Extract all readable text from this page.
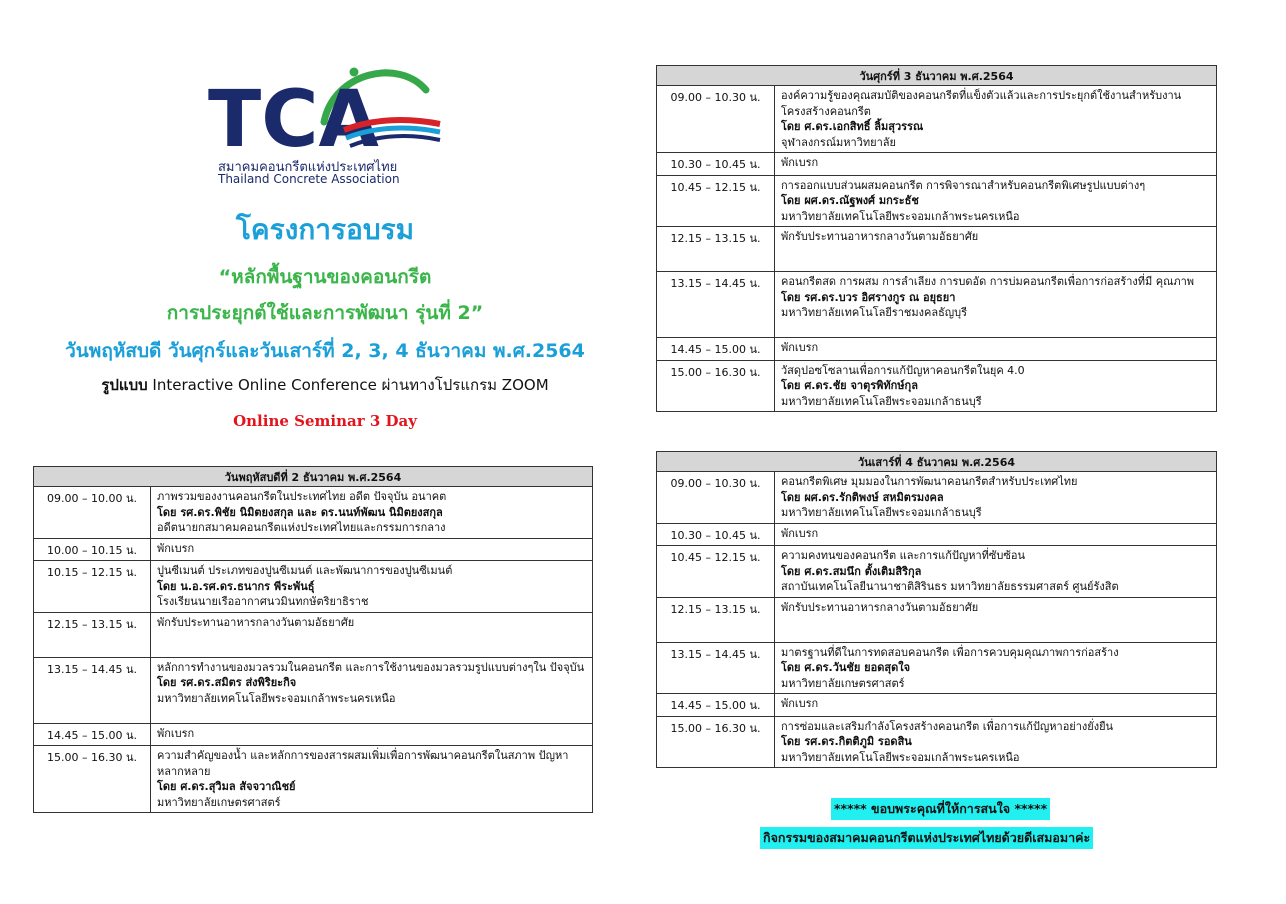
TCA
สมาคมคอนกรีตแห่งประเทศไทย
Thailand Concrete Association
โครงการอบรม
“หลักพื้นฐานของคอนกรีต
การประยุกต์ใช้และการพัฒนา รุ่นที่ 2”
วันพฤหัสบดี วันศุกร์และวันเสาร์ที่ 2, 3, 4 ธันวาคม พ.ศ.2564
รูปแบบ Interactive Online Conference ผ่านทางโปรแกรม ZOOM
Online Seminar 3 Day
วันพฤหัสบดีที่ 2 ธันวาคม พ.ศ.2564	
09.00 – 10.00 น.	ภาพรวมของงานคอนกรีตในประเทศไทย อดีต ปัจจุบัน อนาคต
โดย รศ.ดร.พิชัย นิมิตยงสกุล และ ดร.นนท์พัฒน นิมิตยงสกุล
อดีตนายกสมาคมคอนกรีตแห่งประเทศไทยและกรรมการกลาง

10.00 – 10.15 น.	พักเบรก

10.15 – 12.15 น.	ปูนซีเมนต์ ประเภทของปูนซีเมนต์ และพัฒนาการของปูนซีเมนต์
โดย น.อ.รศ.ดร.ธนากร พีระพันธุ์
โรงเรียนนายเรืออากาศนวมินทกษัตริยาธิราช

12.15 – 13.15 น.	พักรับประทานอาหารกลางวันตามอัธยาศัย

13.15 – 14.45 น.	หลักการทำงานของมวลรวมในคอนกรีต และการใช้งานของมวลรวมรูปแบบต่างๆใน ปัจจุบัน
โดย รศ.ดร.สมิตร ส่งพิริยะกิจ
มหาวิทยาลัยเทคโนโลยีพระจอมเกล้าพระนครเหนือ

14.45 – 15.00 น.	พักเบรก

15.00 – 16.30 น.	ความสำคัญของน้ำ และหลักการของสารผสมเพิ่มเพื่อการพัฒนาคอนกรีตในสภาพ ปัญหาหลากหลาย
โดย ศ.ดร.สุวิมล สัจจวาณิชย์
มหาวิทยาลัยเกษตรศาสตร์
วันศุกร์ที่ 3 ธันวาคม พ.ศ.2564	
09.00 – 10.30 น.	องค์ความรู้ของคุณสมบัติของคอนกรีตที่แข็งตัวแล้วและการประยุกต์ใช้งานสำหรับงาน โครงสร้างคอนกรีต
โดย ศ.ดร.เอกสิทธิ์ ลิ้มสุวรรณ
จุฬาลงกรณ์มหาวิทยาลัย

10.30 – 10.45 น.	พักเบรก

10.45 – 12.15 น.	การออกแบบส่วนผสมคอนกรีต การพิจารณาสำหรับคอนกรีตพิเศษรูปแบบต่างๆ
โดย ผศ.ดร.ณัฐพงศ์ มกระธัช
มหาวิทยาลัยเทคโนโลยีพระจอมเกล้าพระนครเหนือ

12.15 – 13.15 น.	พักรับประทานอาหารกลางวันตามอัธยาศัย

13.15 – 14.45 น.	คอนกรีตสด การผสม การลำเลียง การบดอัด การบ่มคอนกรีตเพื่อการก่อสร้างที่มี คุณภาพ
โดย รศ.ดร.บวร อิศรางกูร ณ อยุธยา
มหาวิทยาลัยเทคโนโลยีราชมงคลธัญบุรี

14.45 – 15.00 น.	พักเบรก

15.00 – 16.30 น.	วัสดุปอซโซลานเพื่อการแก้ปัญหาคอนกรีตในยุค 4.0
โดย ศ.ดร.ชัย จาตุรพิทักษ์กุล
มหาวิทยาลัยเทคโนโลยีพระจอมเกล้าธนบุรี
วันเสาร์ที่ 4 ธันวาคม พ.ศ.2564	
09.00 – 10.30 น.	คอนกรีตพิเศษ มุมมองในการพัฒนาคอนกรีตสำหรับประเทศไทย
โดย ผศ.ดร.รักติพงษ์ สหมิตรมงคล
มหาวิทยาลัยเทคโนโลยีพระจอมเกล้าธนบุรี

10.30 – 10.45 น.	พักเบรก

10.45 – 12.15 น.	ความคงทนของคอนกรีต และการแก้ปัญหาที่ซับซ้อน
โดย ศ.ดร.สมนึก ตั้งเติมสิริกุล
สถาบันเทคโนโลยีนานาชาติสิรินธร มหาวิทยาลัยธรรมศาสตร์ ศูนย์รังสิต

12.15 – 13.15 น.	พักรับประทานอาหารกลางวันตามอัธยาศัย

13.15 – 14.45 น.	มาตรฐานที่ดีในการทดสอบคอนกรีต เพื่อการควบคุมคุณภาพการก่อสร้าง
โดย ศ.ดร.วันชัย ยอดสุดใจ
มหาวิทยาลัยเกษตรศาสตร์

14.45 – 15.00 น.	พักเบรก

15.00 – 16.30 น.	การซ่อมและเสริมกำลังโครงสร้างคอนกรีต เพื่อการแก้ปัญหาอย่างยั่งยืน
โดย รศ.ดร.กิตติภูมิ รอดสิน
มหาวิทยาลัยเทคโนโลยีพระจอมเกล้าพระนครเหนือ
***** ขอบพระคุณที่ให้การสนใจ *****
กิจกรรมของสมาคมคอนกรีตแห่งประเทศไทยด้วยดีเสมอมาค่ะ
